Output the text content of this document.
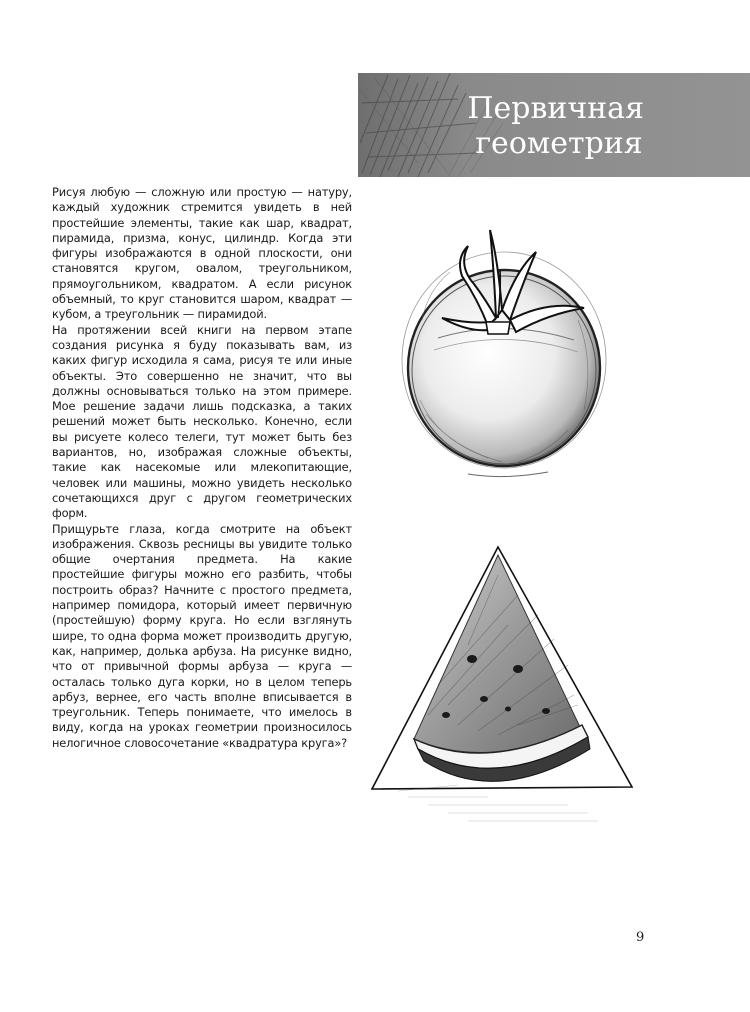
Первичная
геометрия

Рисуя любую — сложную или простую — натуру, каждый художник стремится увидеть в ней простейшие элементы, такие как шар, квадрат, пирамида, призма, конус, цилиндр. Когда эти фигуры изображаются в одной плоскости, они становятся кругом, овалом, треугольником, прямоугольником, квадратом. А если рисунок объемный, то круг становится шаром, квадрат — кубом, а треугольник — пирамидой.

На протяжении всей книги на первом этапе создания рисунка я буду показывать вам, из каких фигур исходила я сама, рисуя те или иные объекты. Это совершенно не значит, что вы должны основываться только на этом примере. Мое решение задачи лишь подсказка, а таких решений может быть несколько. Конечно, если вы рисуете колесо телеги, тут может быть без вариантов, но, изображая сложные объекты, такие как насекомые или млекопитающие, человек или машины, можно увидеть несколько сочетающихся друг с другом геометрических форм.

Прищурьте глаза, когда смотрите на объект изображения. Сквозь ресницы вы увидите только общие очертания предмета. На какие простейшие фигуры можно его разбить, чтобы построить образ? Начните с простого предмета, например помидора, который имеет первичную (простейшую) форму круга. Но если взглянуть шире, то одна форма может производить другую, как, например, долька арбуза. На рисунке видно, что от привычной формы арбуза — круга — осталась только дуга корки, но в целом теперь арбуз, вернее, его часть вполне вписывается в треугольник. Теперь понимаете, что имелось в виду, когда на уроках геометрии произносилось нелогичное словосочетание «квадратура круга»?

9
